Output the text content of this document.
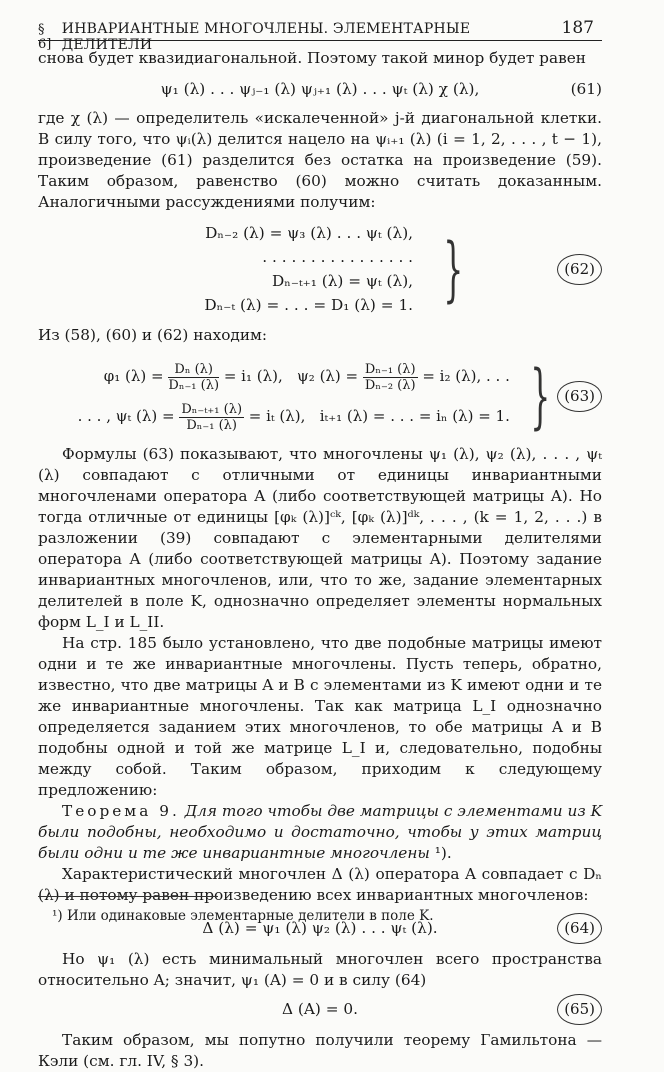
§ 6]
ИНВАРИАНТНЫЕ МНОГОЧЛЕНЫ. ЭЛЕМЕНТАРНЫЕ ДЕЛИТЕЛИ
187

снова будет квазидиагональной. Поэтому такой минор будет равен

ψ₁ (λ) . . . ψⱼ₋₁ (λ) ψⱼ₊₁ (λ) . . . ψₜ (λ) χ (λ),	(61)

где χ (λ) — определитель «искалеченной» j-й диагональной клетки. В силу того, что ψᵢ(λ) делится нацело на ψᵢ₊₁ (λ) (i = 1, 2, . . . , t − 1), произведение (61) разделится без остатка на произведение (59). Таким образом, равенство (60) можно считать доказанным. Аналогичными рассуждениями получим:

Dₙ₋₂ (λ) = ψ₃ (λ) . . . ψₜ (λ),
. . . . . . . . . . . . . . . .
Dₙ₋ₜ₊₁ (λ) = ψₜ (λ),
Dₙ₋ₜ (λ) = . . . = D₁ (λ) = 1. }	(62)

Из (58), (60) и (62) находим:

φ₁ $(\lambda) = \frac{\text{Dₙ (λ)}}{\text{Dₙ₋₁ (λ)}} = i_1$ (λ), ψ₂ $(\lambda) = \frac{\text{Dₙ₋₁ (λ)}}{\text{Dₙ₋₂ (λ)}} = i_2$ (λ), . . .
. . . , ψₜ $(\lambda) = \frac{\text{Dₙ₋ₜ₊₁ (λ)}}{\text{Dₙ₋₁ (λ)}} = i_t$ (λ), iₜ₊₁ (λ) = . . . = iₙ (λ) = 1. } (63)

Формулы (63) показывают, что многочлены ψ₁ (λ), ψ₂ (λ), . . . , ψₜ (λ) совпадают с отличными от единицы инвариантными многочленами оператора A (либо соответствующей матрицы A). Но тогда отличные от единицы [φₖ (λ)]ᶜᵏ, [φₖ (λ)]ᵈᵏ, . . . , (k = 1, 2, . . .) в разложении (39) совпадают с элементарными делителями оператора A (либо соответствующей матрицы A). Поэтому задание инвариантных многочленов, или, что то же, задание элементарных делителей в поле K, однозначно определяет элементы нормальных форм L_I и L_II.

На стр. 185 было установлено, что две подобные матрицы имеют одни и те же инвариантные многочлены. Пусть теперь, обратно, известно, что две матрицы A и B с элементами из K имеют одни и те же инвариантные многочлены. Так как матрица L_I однозначно определяется заданием этих многочленов, то обе матрицы A и B подобны одной и той же матрице L_I и, следовательно, подобны между собой. Таким образом, приходим к следующему предложению:

Теорема 9. Для того чтобы две матрицы с элементами из K были подобны, необходимо и достаточно, чтобы у этих матриц были одни и те же инвариантные многочлены ¹).

Характеристический многочлен Δ (λ) оператора A совпадает с Dₙ (λ) и потому равен произведению всех инвариантных многочленов:

Δ (λ) = ψ₁ (λ) ψ₂ (λ) . . . ψₜ (λ).	(64)

Но ψ₁ (λ) есть минимальный многочлен всего пространства относительно A; значит, ψ₁ (A) = 0 и в силу (64)

Δ (A) = 0.	(65)

Таким образом, мы попутно получили теорему Гамильтона — Кэли (см. гл. IV, § 3).

¹) Или одинаковые элементарные делители в поле K.
